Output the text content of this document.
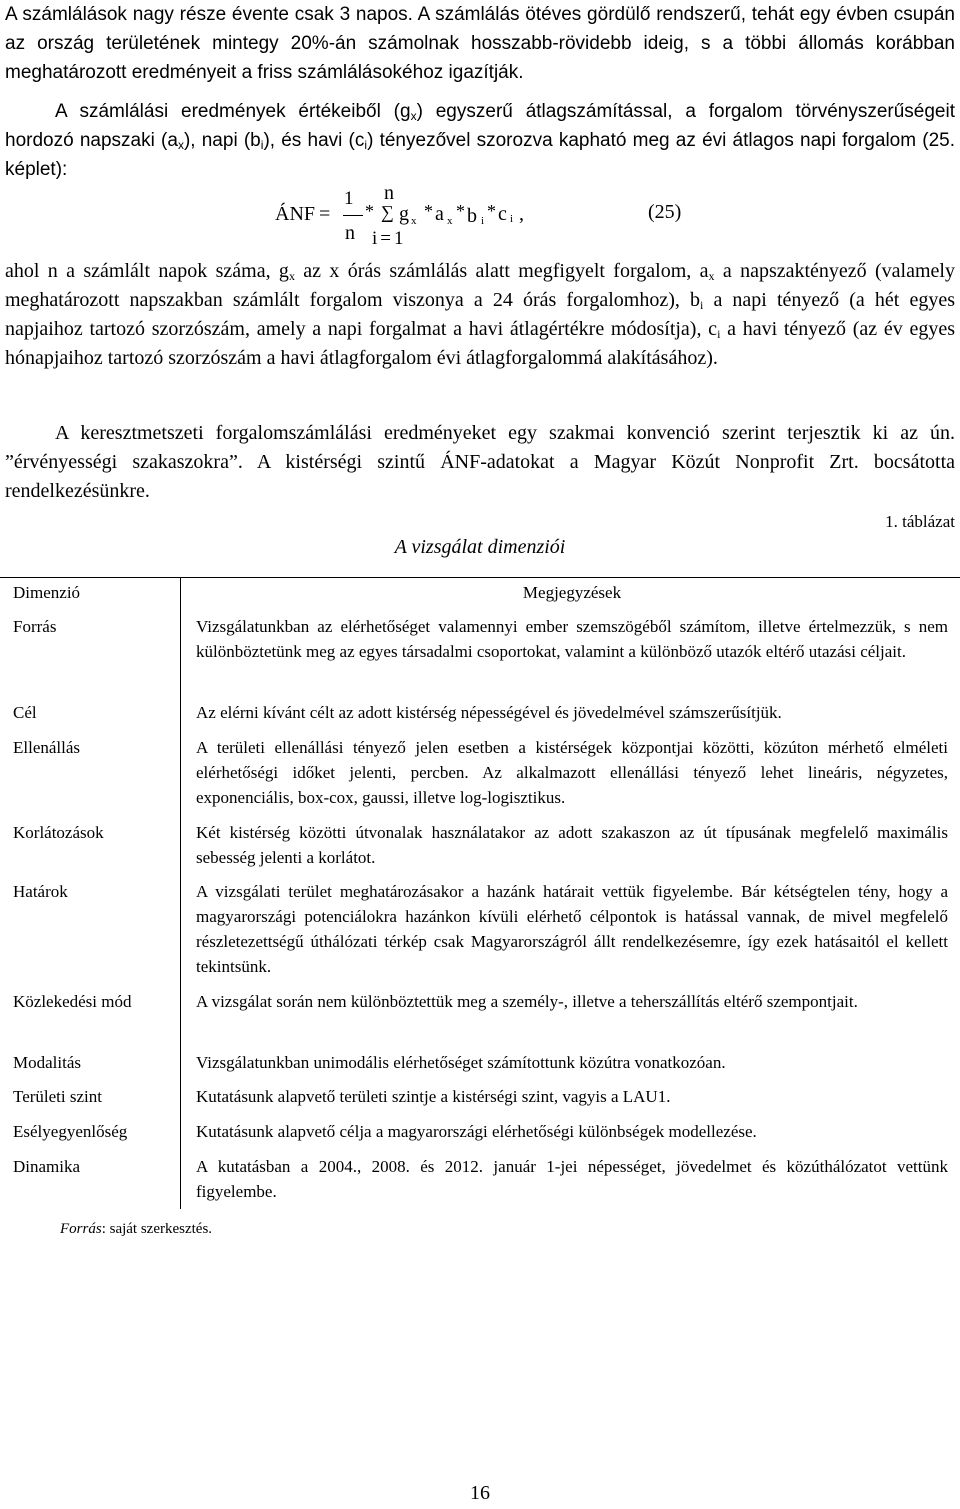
A számlálások nagy része évente csak 3 napos. A számlálás ötéves gördülő rendszerű, tehát egy évben csupán az ország területének mintegy 20%-án számolnak hosszabb-rövidebb ideig, s a többi állomás korábban meghatározott eredményeit a friss számlálásokéhoz igazítják.

A számlálási eredmények értékeiből $(g_x)$ egyszerű átlagszámítással, a forgalom törvényszerűségeit hordozó napszaki $(a_x)$, napi $(b_i)$, és havi $(c_i)$ tényezővel szorozva kapható meg az évi átlagos napi forgalom (25. képlet):

ÁNF =
1
n
*
n
∑
i = 1
g x * a x * b i * c i ,	(25)

ahol n a számlált napok száma, $g_x$ az x órás számlálás alatt megfigyelt forgalom, $a_x$ a napszaktényező (valamely meghatározott napszakban számlált forgalom viszonya a 24 órás forgalomhoz), $b_i$ a napi tényező (a hét egyes napjaihoz tartozó szorzószám, amely a napi forgalmat a havi átlagértékre módosítja), $c_i$ a havi tényező (az év egyes hónapjaihoz tartozó szorzószám a havi átlagforgalom évi átlagforgalommá alakításához).

A keresztmetszeti forgalomszámlálási eredményeket egy szakmai konvenció szerint terjesztik ki az ún. ”érvényességi szakaszokra”. A kistérségi szintű ÁNF-adatokat a Magyar Közút Nonprofit Zrt. bocsátotta rendelkezésünkre.

1. táblázat
A vizsgálat dimenziói
Dimenzió	Megjegyzések
Forrás	Vizsgálatunkban az elérhetőséget valamennyi ember szemszögéből számítom, illetve értelmezzük, s nem különböztetünk meg az egyes társadalmi csoportokat, valamint a különböző utazók eltérő utazási céljait.
Cél	Az elérni kívánt célt az adott kistérség népességével és jövedelmével számszerűsítjük.
Ellenállás	A területi ellenállási tényező jelen esetben a kistérségek központjai közötti, közúton mérhető elméleti elérhetőségi időket jelenti, percben. Az alkalmazott ellenállási tényező lehet lineáris, négyzetes, exponenciális, box-cox, gaussi, illetve log-logisztikus.
Korlátozások	Két kistérség közötti útvonalak használatakor az adott szakaszon az út típusának megfelelő maximális sebesség jelenti a korlátot.
Határok	A vizsgálati terület meghatározásakor a hazánk határait vettük figyelembe. Bár kétségtelen tény, hogy a magyarországi potenciálokra hazánkon kívüli elérhető célpontok is hatással vannak, de mivel megfelelő részletezettségű úthálózati térkép csak Magyarországról állt rendelkezésemre, így ezek hatásaitól el kellett tekintsünk.
Közlekedési mód	A vizsgálat során nem különböztettük meg a személy-, illetve a teherszállítás eltérő szempontjait.
Modalitás	Vizsgálatunkban unimodális elérhetőséget számítottunk közútra vonatkozóan.
Területi szint	Kutatásunk alapvető területi szintje a kistérségi szint, vagyis a LAU1.
Esélyegyenlőség	Kutatásunk alapvető célja a magyarországi elérhetőségi különbségek modellezése.
Dinamika	A kutatásban a 2004., 2008. és 2012. január 1-jei népességet, jövedelmet és közúthálózatot vettünk figyelembe.
Forrás: saját szerkesztés.
16
